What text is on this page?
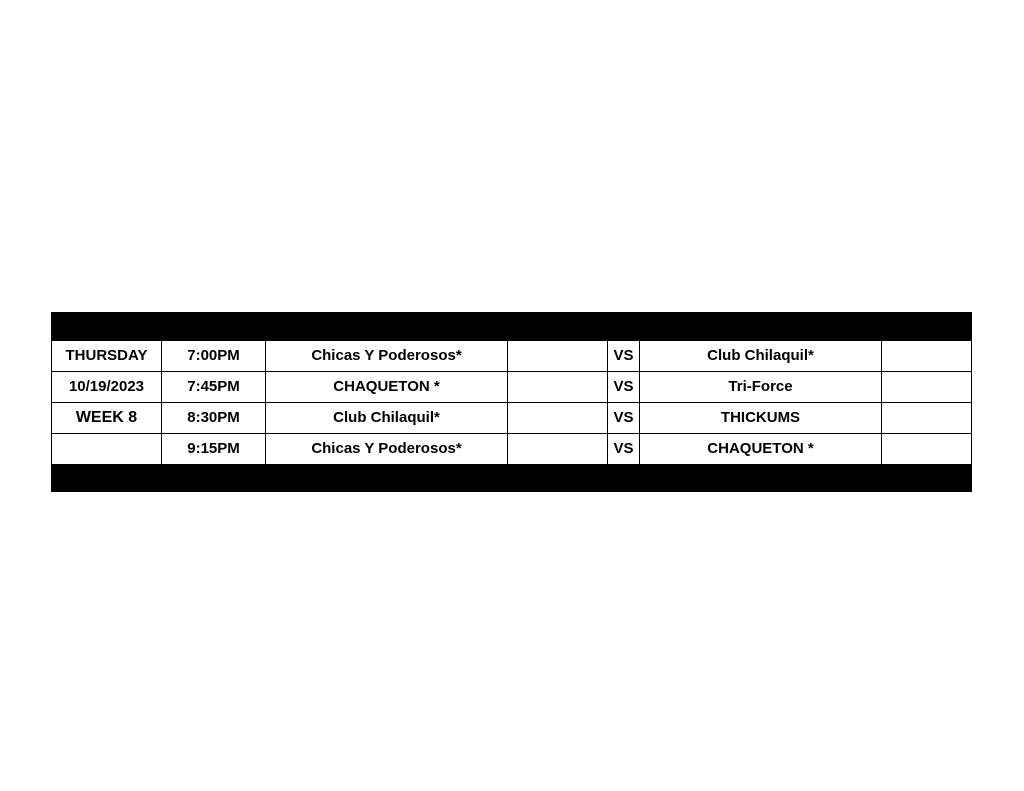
		HOME			AWAY	
THURSDAY	7:00PM	Chicas Y Poderosos*		VS	Club Chilaquil*	
10/19/2023	7:45PM	CHAQUETON *		VS	Tri-Force	
WEEK 8	8:30PM	Club Chilaquil*		VS	THICKUMS	
	9:15PM	Chicas Y Poderosos*		VS	CHAQUETON *	
		HOME WEARS LIGHT COLOR			AWAY WEAR DARK COLOR	
